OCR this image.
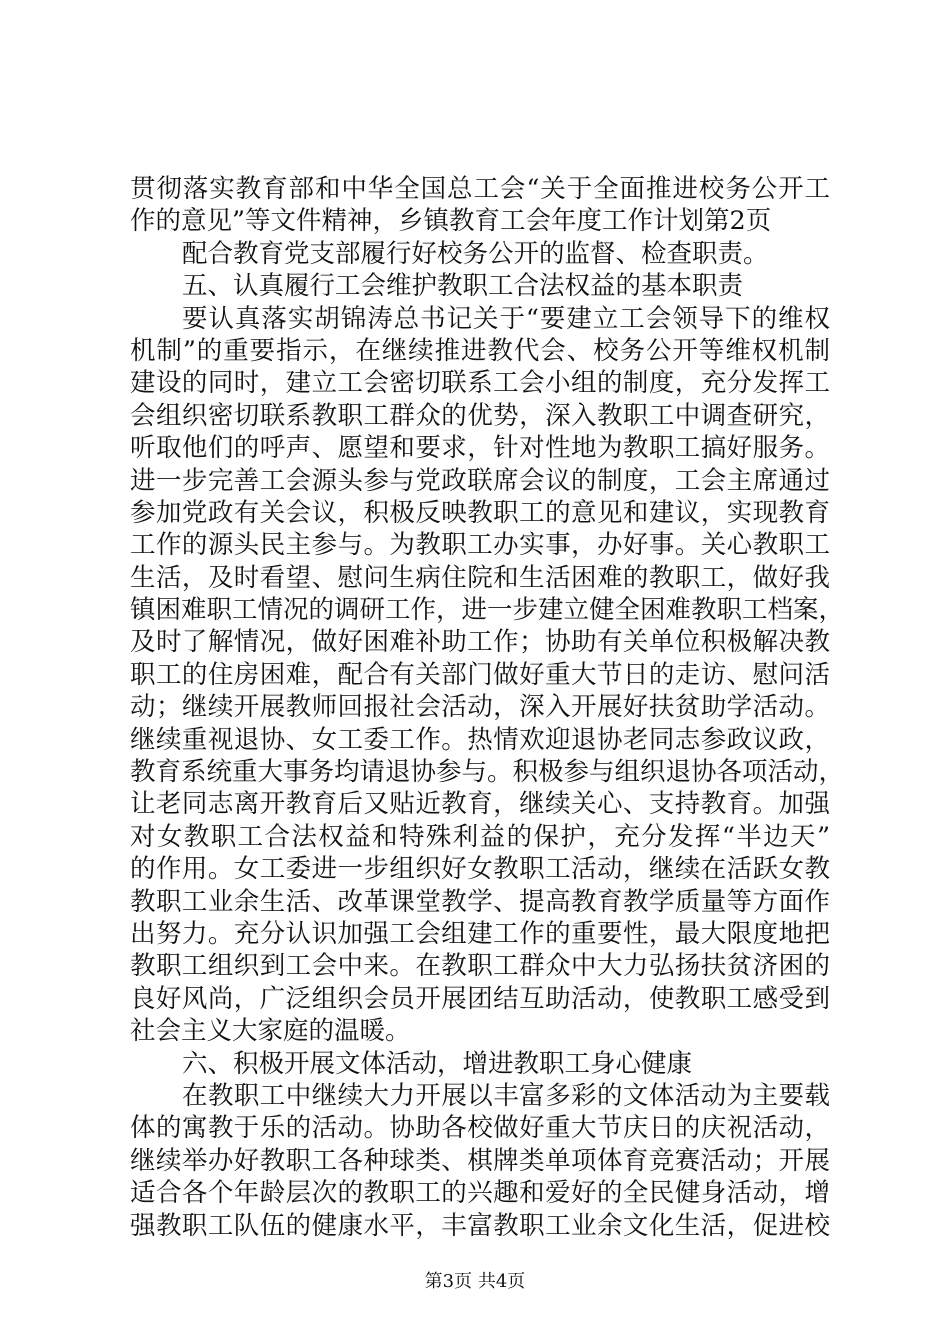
贯彻落实教育部和中华全国总工会“关于全面推进校务公开工
作的意见”等文件精神，乡镇教育工会年度工作计划第2页
配合教育党支部履行好校务公开的监督、检查职责。
五、认真履行工会维护教职工合法权益的基本职责
要认真落实胡锦涛总书记关于“要建立工会领导下的维权
机制”的重要指示，在继续推进教代会、校务公开等维权机制
建设的同时，建立工会密切联系工会小组的制度，充分发挥工
会组织密切联系教职工群众的优势，深入教职工中调查研究，
听取他们的呼声、愿望和要求，针对性地为教职工搞好服务。
进一步完善工会源头参与党政联席会议的制度，工会主席通过
参加党政有关会议，积极反映教职工的意见和建议，实现教育
工作的源头民主参与。为教职工办实事，办好事。关心教职工
生活，及时看望、慰问生病住院和生活困难的教职工，做好我
镇困难职工情况的调研工作，进一步建立健全困难教职工档案，
及时了解情况，做好困难补助工作；协助有关单位积极解决教
职工的住房困难，配合有关部门做好重大节日的走访、慰问活
动；继续开展教师回报社会活动，深入开展好扶贫助学活动。
继续重视退协、女工委工作。热情欢迎退协老同志参政议政，
教育系统重大事务均请退协参与。积极参与组织退协各项活动，
让老同志离开教育后又贴近教育，继续关心、支持教育。加强
对女教职工合法权益和特殊利益的保护，充分发挥“半边天”
的作用。女工委进一步组织好女教职工活动，继续在活跃女教
教职工业余生活、改革课堂教学、提高教育教学质量等方面作
出努力。充分认识加强工会组建工作的重要性，最大限度地把
教职工组织到工会中来。在教职工群众中大力弘扬扶贫济困的
良好风尚，广泛组织会员开展团结互助活动，使教职工感受到
社会主义大家庭的温暖。
六、积极开展文体活动，增进教职工身心健康
在教职工中继续大力开展以丰富多彩的文体活动为主要载
体的寓教于乐的活动。协助各校做好重大节庆日的庆祝活动，
继续举办好教职工各种球类、棋牌类单项体育竞赛活动；开展
适合各个年龄层次的教职工的兴趣和爱好的全民健身活动，增
强教职工队伍的健康水平，丰富教职工业余文化生活，促进校
第3页 共4页
